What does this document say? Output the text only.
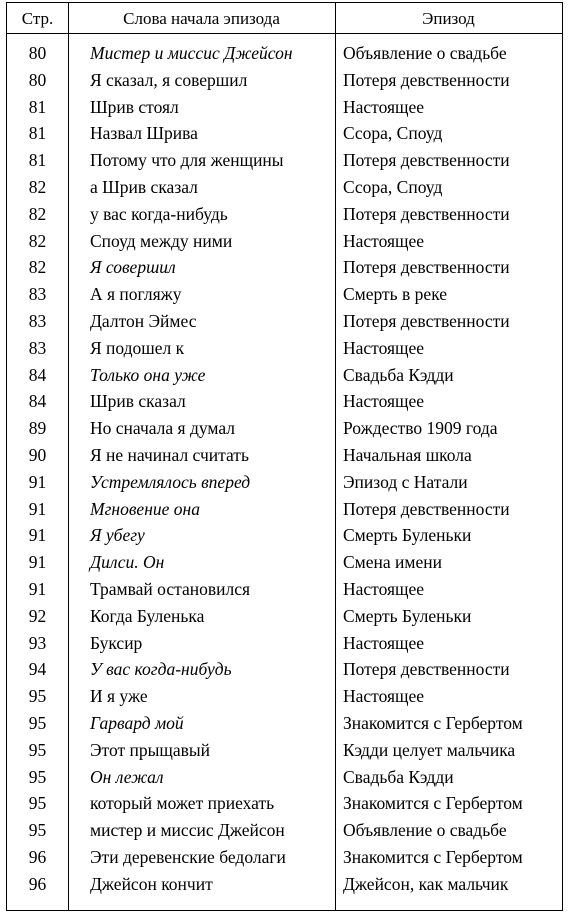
Стр.	Слова начала эпизода	Эпизод
80	Мистер и миссис Джейсон	Объявление о свадьбе
80	Я сказал, я совершил	Потеря девственности
81	Шрив стоял	Настоящее
81	Назвал Шрива	Ссора, Споуд
81	Потому что для женщины	Потеря девственности
82	а Шрив сказал	Ссора, Споуд
82	у вас когда-нибудь	Потеря девственности
82	Споуд между ними	Настоящее
82	Я совершил	Потеря девственности
83	А я погляжу	Смерть в реке
83	Далтон Эймес	Потеря девственности
83	Я подошел к	Настоящее
84	Только она уже	Свадьба Кэдди
84	Шрив сказал	Настоящее
89	Но сначала я думал	Рождество 1909 года
90	Я не начинал считать	Начальная школа
91	Устремлялось вперед	Эпизод с Натали
91	Мгновение она	Потеря девственности
91	Я убегу	Смерть Буленьки
91	Дилси. Он	Смена имени
91	Трамвай остановился	Настоящее
92	Когда Буленька	Смерть Буленьки
93	Буксир	Настоящее
94	У вас когда-нибудь	Потеря девственности
95	И я уже	Настоящее
95	Гарвард мой	Знакомится с Гербертом
95	Этот прыщавый	Кэдди целует мальчика
95	Он лежал	Свадьба Кэдди
95	который может приехать	Знакомится с Гербертом
95	мистер и миссис Джейсон	Объявление о свадьбе
96	Эти деревенские бедолаги	Знакомится с Гербертом
96	Джейсон кончит	Джейсон, как мальчик
